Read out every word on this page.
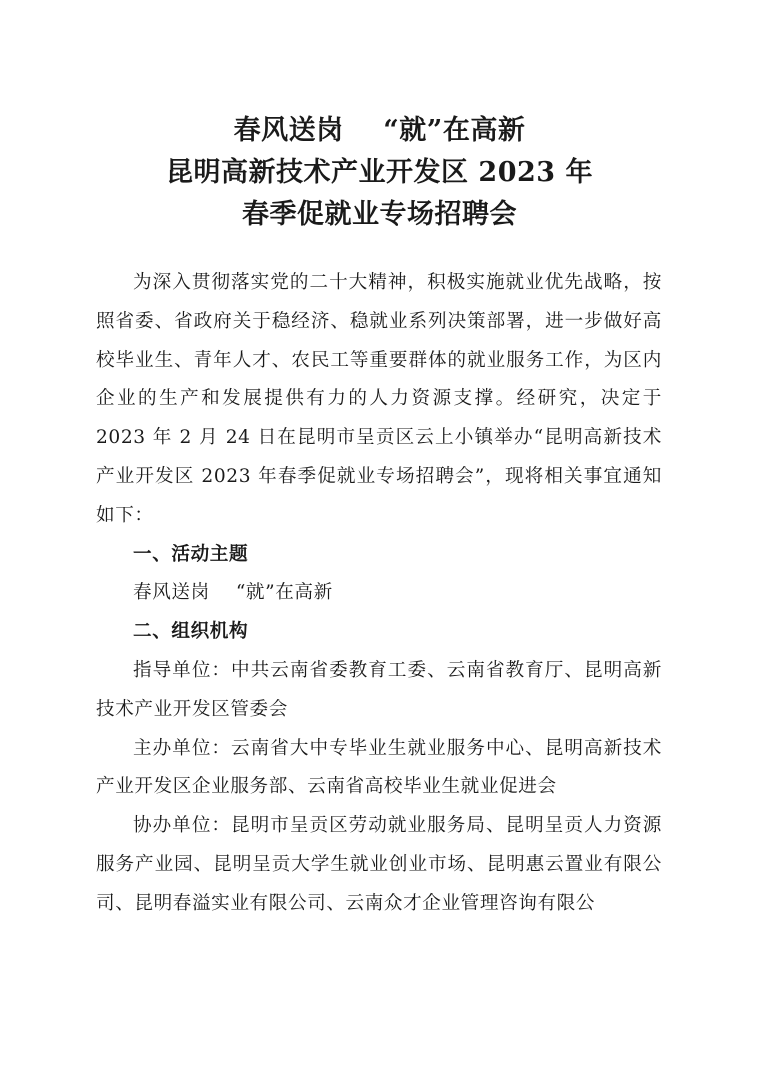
春风送岗    “就”在高新
昆明高新技术产业开发区 2023 年
春季促就业专场招聘会

为深入贯彻落实党的二十大精神，积极实施就业优先战略，按照省委、省政府关于稳经济、稳就业系列决策部署，进一步做好高校毕业生、青年人才、农民工等重要群体的就业服务工作，为区内企业的生产和发展提供有力的人力资源支撑。经研究，决定于 2023 年 2 月 24 日在昆明市呈贡区云上小镇举办“昆明高新技术产业开发区 2023 年春季促就业专场招聘会”，现将相关事宜通知如下：

一、活动主题

春风送岗    “就”在高新

二、组织机构

指导单位：中共云南省委教育工委、云南省教育厅、昆明高新技术产业开发区管委会

主办单位：云南省大中专毕业生就业服务中心、昆明高新技术产业开发区企业服务部、云南省高校毕业生就业促进会

协办单位：昆明市呈贡区劳动就业服务局、昆明呈贡人力资源服务产业园、昆明呈贡大学生就业创业市场、昆明惠云置业有限公司、昆明春溢实业有限公司、云南众才企业管理咨询有限公
